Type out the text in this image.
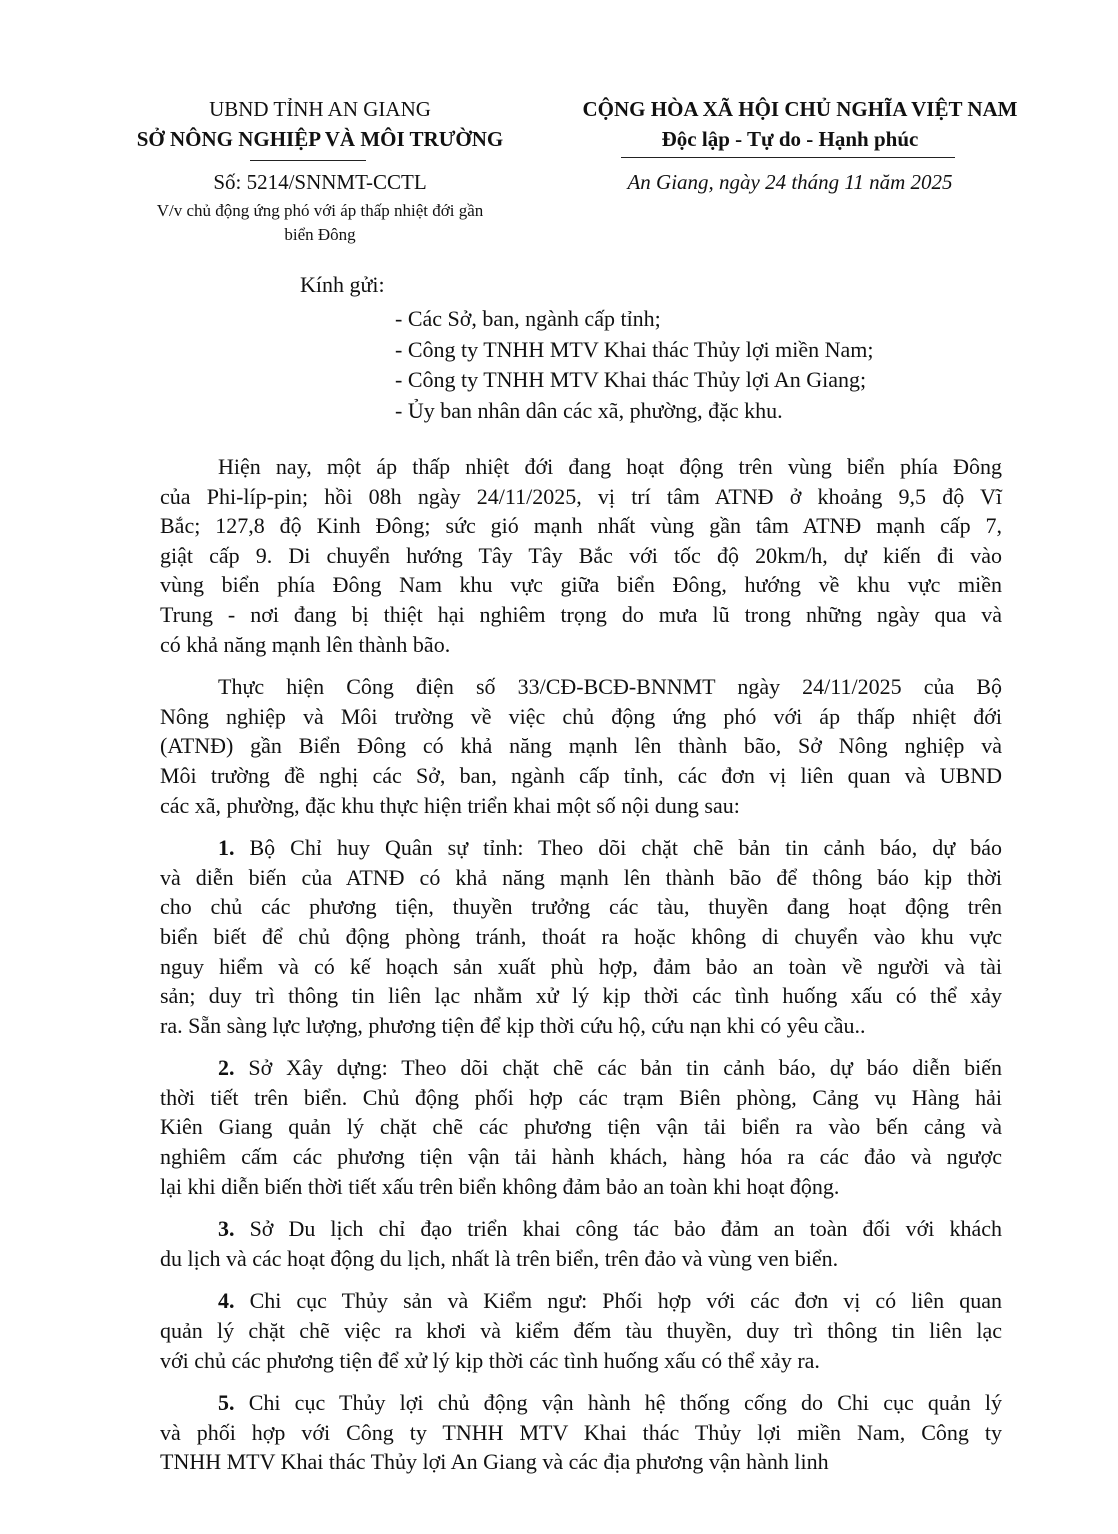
UBND TỈNH AN GIANG
SỞ NÔNG NGHIỆP VÀ MÔI TRƯỜNG
Số: 5214/SNNMT-CCTL
V/v chủ động ứng phó với áp thấp nhiệt đới gần
biển Đông
CỘNG HÒA XÃ HỘI CHỦ NGHĨA VIỆT NAM
Độc lập - Tự do - Hạnh phúc
An Giang, ngày 24 tháng 11 năm 2025
Kính gửi:
- Các Sở, ban, ngành cấp tỉnh;
- Công ty TNHH MTV Khai thác Thủy lợi miền Nam;
- Công ty TNHH MTV Khai thác Thủy lợi An Giang;
- Ủy ban nhân dân các xã, phường, đặc khu.
Hiện nay, một áp thấp nhiệt đới đang hoạt động trên vùng biển phía Đông
của Phi-líp-pin; hồi 08h ngày 24/11/2025, vị trí tâm ATNĐ ở khoảng 9,5 độ Vĩ
Bắc; 127,8 độ Kinh Đông; sức gió mạnh nhất vùng gần tâm ATNĐ mạnh cấp 7,
giật cấp 9. Di chuyển hướng Tây Tây Bắc với tốc độ 20km/h, dự kiến đi vào
vùng biển phía Đông Nam khu vực giữa biển Đông, hướng về khu vực miền
Trung - nơi đang bị thiệt hại nghiêm trọng do mưa lũ trong những ngày qua và
có khả năng mạnh lên thành bão.
Thực hiện Công điện số 33/CĐ-BCĐ-BNNMT ngày 24/11/2025 của Bộ
Nông nghiệp và Môi trường về việc chủ động ứng phó với áp thấp nhiệt đới
(ATNĐ) gần Biển Đông có khả năng mạnh lên thành bão, Sở Nông nghiệp và
Môi trường đề nghị các Sở, ban, ngành cấp tỉnh, các đơn vị liên quan và UBND
các xã, phường, đặc khu thực hiện triển khai một số nội dung sau:
1. Bộ Chỉ huy Quân sự tỉnh: Theo dõi chặt chẽ bản tin cảnh báo, dự báo
và diễn biến của ATNĐ có khả năng mạnh lên thành bão để thông báo kịp thời
cho chủ các phương tiện, thuyền trưởng các tàu, thuyền đang hoạt động trên
biển biết để chủ động phòng tránh, thoát ra hoặc không di chuyển vào khu vực
nguy hiểm và có kế hoạch sản xuất phù hợp, đảm bảo an toàn về người và tài
sản; duy trì thông tin liên lạc nhằm xử lý kịp thời các tình huống xấu có thể xảy
ra. Sẵn sàng lực lượng, phương tiện để kịp thời cứu hộ, cứu nạn khi có yêu cầu..
2. Sở Xây dựng: Theo dõi chặt chẽ các bản tin cảnh báo, dự báo diễn biến
thời tiết trên biển. Chủ động phối hợp các trạm Biên phòng, Cảng vụ Hàng hải
Kiên Giang quản lý chặt chẽ các phương tiện vận tải biển ra vào bến cảng và
nghiêm cấm các phương tiện vận tải hành khách, hàng hóa ra các đảo và ngược
lại khi diễn biến thời tiết xấu trên biển không đảm bảo an toàn khi hoạt động.
3. Sở Du lịch chỉ đạo triển khai công tác bảo đảm an toàn đối với khách
du lịch và các hoạt động du lịch, nhất là trên biển, trên đảo và vùng ven biển.
4. Chi cục Thủy sản và Kiểm ngư: Phối hợp với các đơn vị có liên quan
quản lý chặt chẽ việc ra khơi và kiểm đếm tàu thuyền, duy trì thông tin liên lạc
với chủ các phương tiện để xử lý kịp thời các tình huống xấu có thể xảy ra.
5. Chi cục Thủy lợi chủ động vận hành hệ thống cống do Chi cục quản lý
và phối hợp với Công ty TNHH MTV Khai thác Thủy lợi miền Nam, Công ty
TNHH MTV Khai thác Thủy lợi An Giang và các địa phương vận hành linh
